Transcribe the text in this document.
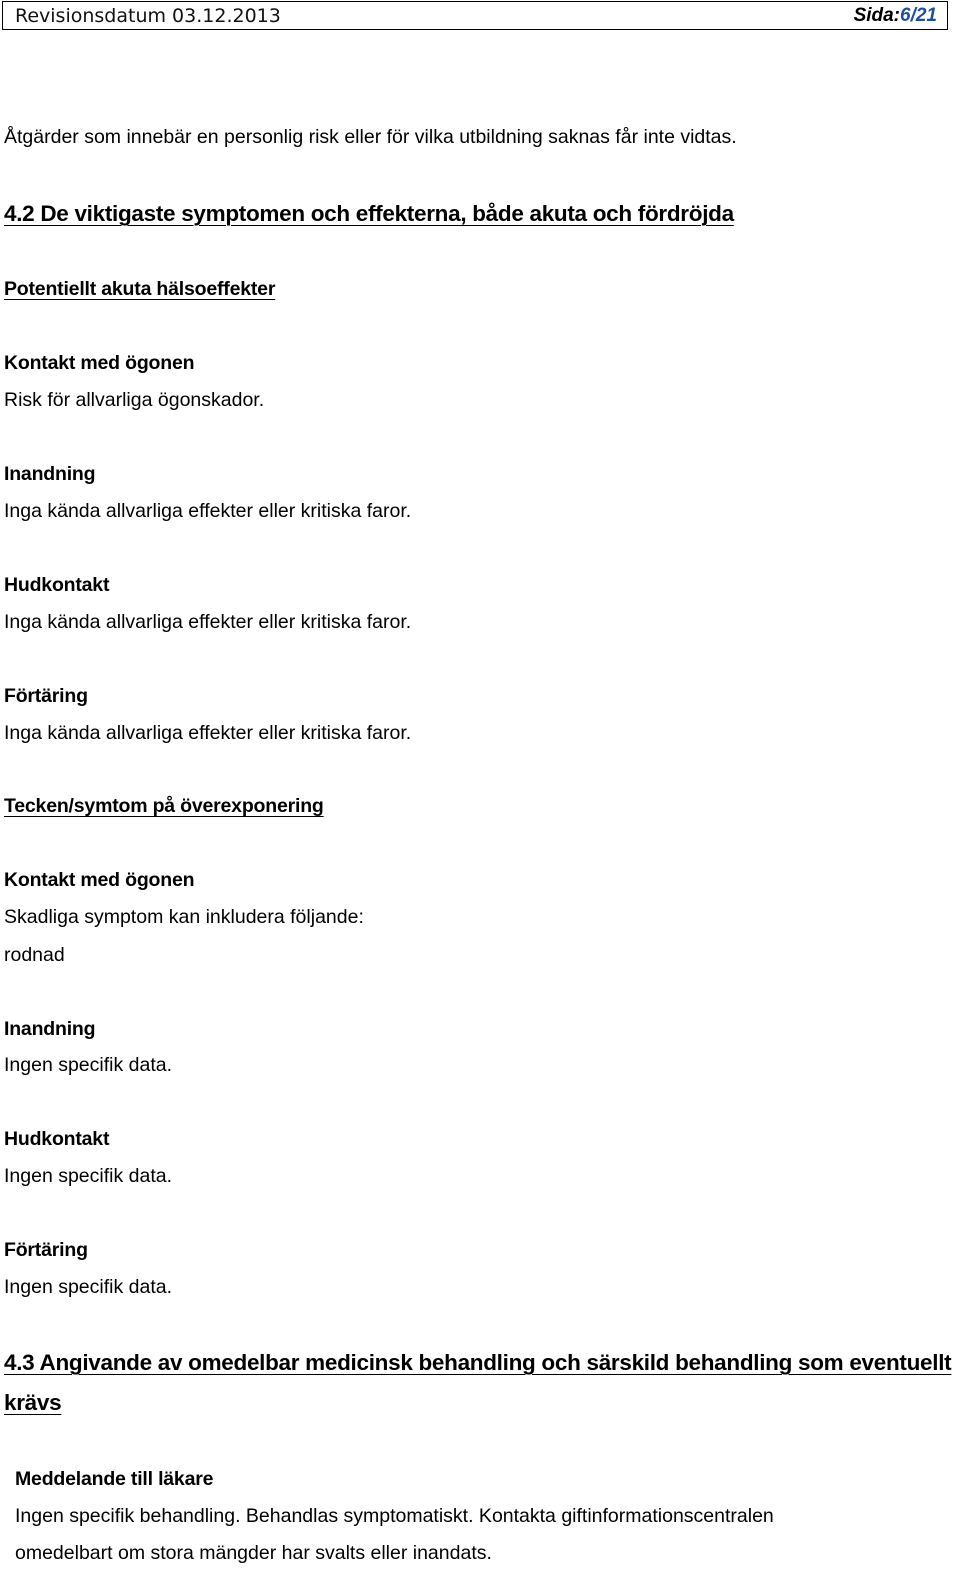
Revisionsdatum 03.12.2013	Sida:6/21
Åtgärder som innebär en personlig risk eller för vilka utbildning saknas får inte vidtas.
4.2 De viktigaste symptomen och effekterna, både akuta och fördröjda
Potentiellt akuta hälsoeffekter
Kontakt med ögonen
Risk för allvarliga ögonskador.
Inandning
Inga kända allvarliga effekter eller kritiska faror.
Hudkontakt
Inga kända allvarliga effekter eller kritiska faror.
Förtäring
Inga kända allvarliga effekter eller kritiska faror.
Tecken/symtom på överexponering
Kontakt med ögonen
Skadliga symptom kan inkludera följande:
rodnad
Inandning
Ingen specifik data.
Hudkontakt
Ingen specifik data.
Förtäring
Ingen specifik data.
4.3 Angivande av omedelbar medicinsk behandling och särskild behandling som eventuellt
krävs
Meddelande till läkare
Ingen specifik behandling. Behandlas symptomatiskt. Kontakta giftinformationscentralen
omedelbart om stora mängder har svalts eller inandats.
